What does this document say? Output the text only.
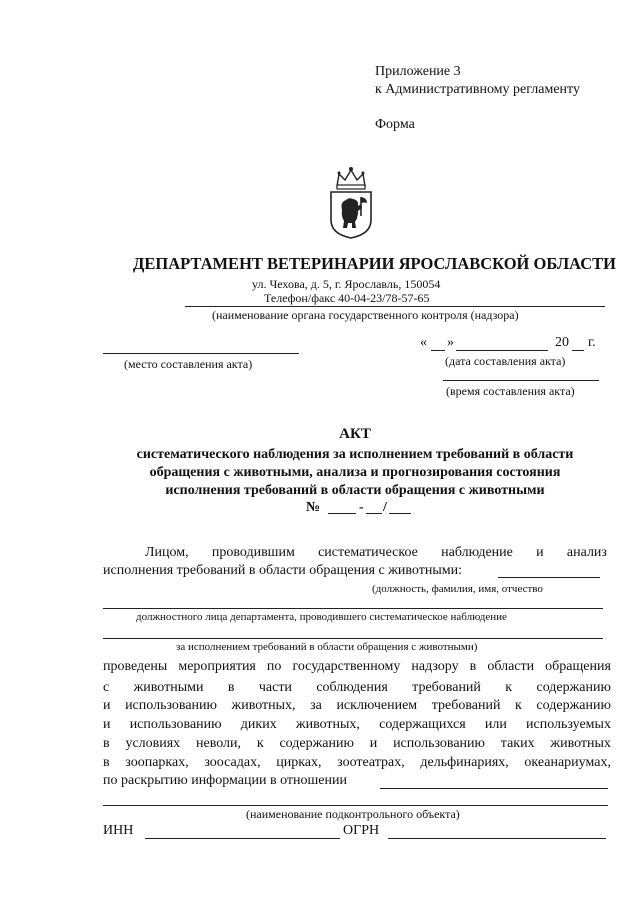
Приложение 3
к Административному регламенту
Форма
ДЕПАРТАМЕНТ ВЕТЕРИНАРИИ ЯРОСЛАВСКОЙ ОБЛАСТИ
ул. Чехова, д. 5, г. Ярославль, 150054
Телефон/факс 40-04-23/78-57-65
(наименование органа государственного контроля (надзора)
(место составления акта)
« »	20 г.
(дата составления акта)
(время составления акта)
АКТ
систематического наблюдения за исполнением требований в области
обращения с животными, анализа и прогнозирования состояния
исполнения требований в области обращения с животными
№	- /
Лицом, проводившим систематическое наблюдение и анализ
исполнения требований в области обращения с животными:
(должность, фамилия, имя, отчество
должностного лица департамента, проводившего систематическое наблюдение
за исполнением требований в области обращения с животными)
проведены мероприятия по государственному надзору в области обращения
с животными в части соблюдения требований к содержанию
и использованию животных, за исключением требований к содержанию
и использованию диких животных, содержащихся или используемых
в условиях неволи, к содержанию и использованию таких животных
в зоопарках, зоосадах, цирках, зоотеатрах, дельфинариях, океанариумах,
по раскрытию информации в отношении
(наименование подконтрольного объекта)
ИНН	ОГРН
